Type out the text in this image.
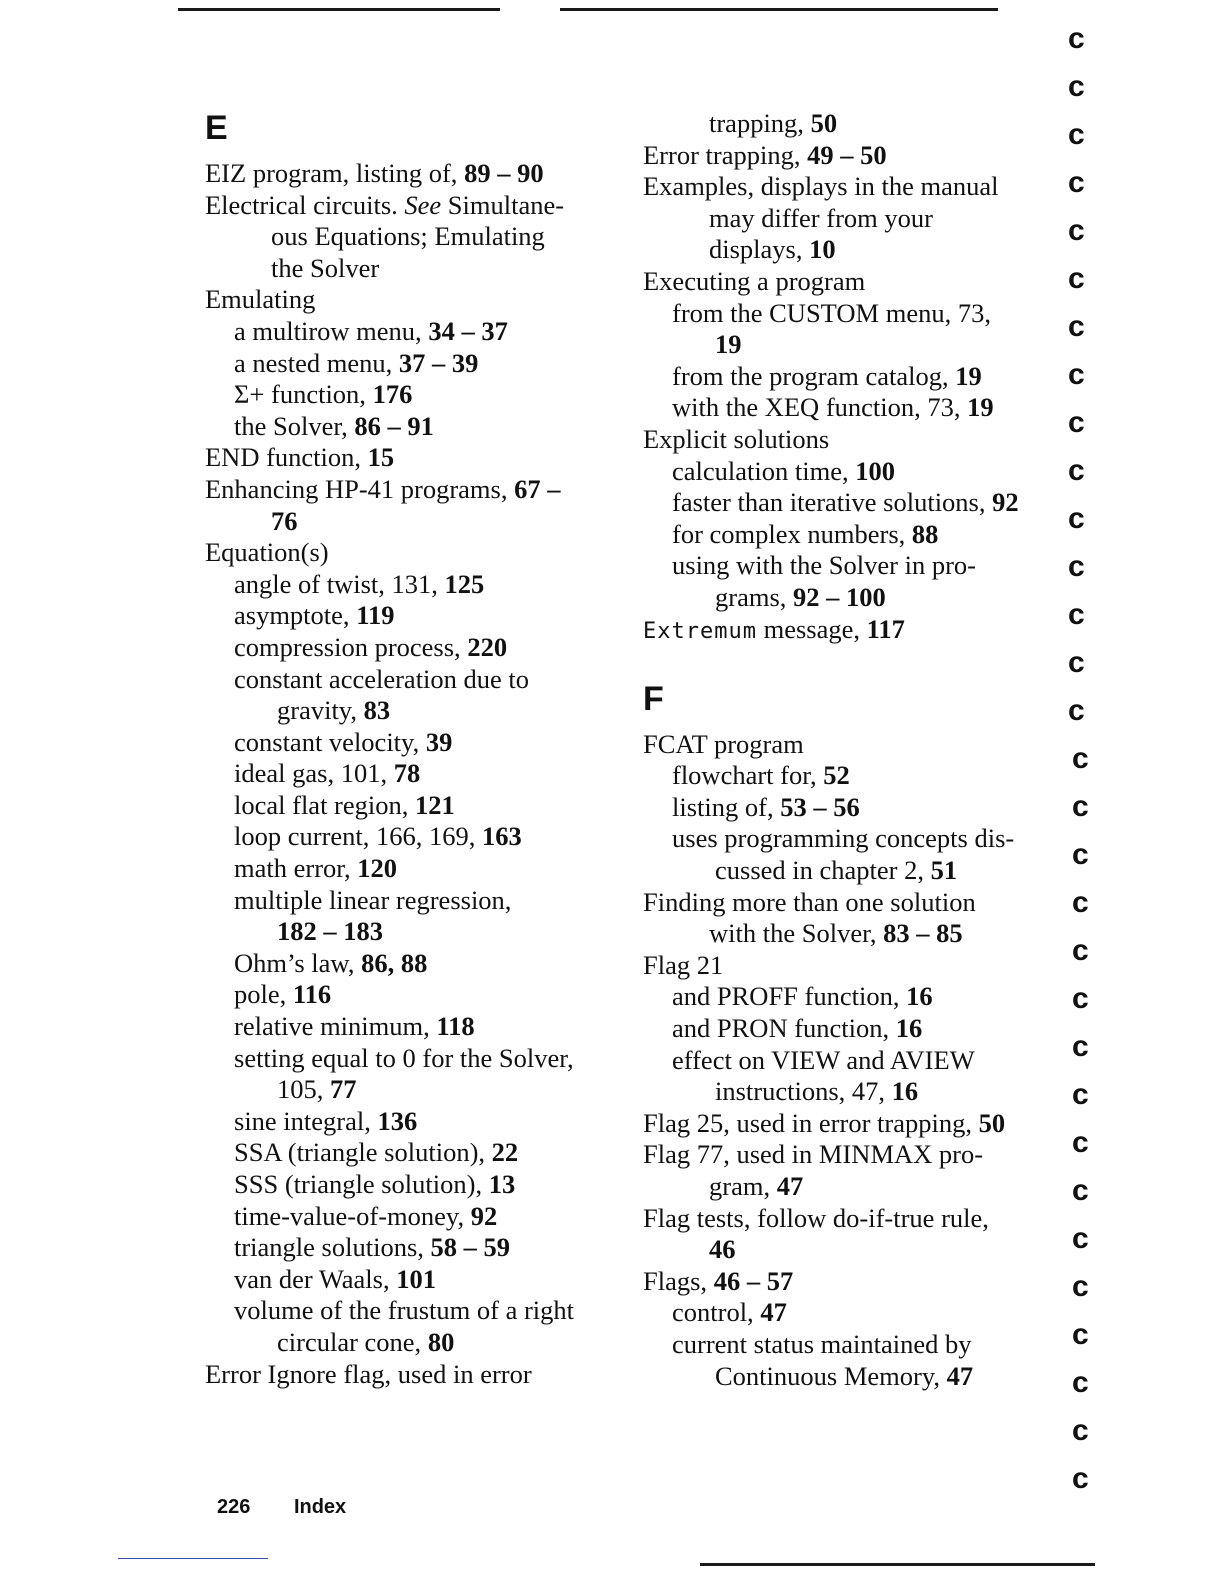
E
EIZ program, listing of, 89 – 90
Electrical circuits. See Simultane-
ous Equations; Emulating
the Solver
Emulating
a multirow menu, 34 – 37
a nested menu, 37 – 39
Σ+ function, 176
the Solver, 86 – 91
END function, 15
Enhancing HP-41 programs, 67 –
76
Equation(s)
angle of twist, 131, 125
asymptote, 119
compression process, 220
constant acceleration due to
gravity, 83
constant velocity, 39
ideal gas, 101, 78
local flat region, 121
loop current, 166, 169, 163
math error, 120
multiple linear regression,
182 – 183
Ohm’s law, 86, 88
pole, 116
relative minimum, 118
setting equal to 0 for the Solver,
105, 77
sine integral, 136
SSA (triangle solution), 22
SSS (triangle solution), 13
time-value-of-money, 92
triangle solutions, 58 – 59
van der Waals, 101
volume of the frustum of a right
circular cone, 80
Error Ignore flag, used in error
trapping, 50
Error trapping, 49 – 50
Examples, displays in the manual
may differ from your
displays, 10
Executing a program
from the CUSTOM menu, 73,
19
from the program catalog, 19
with the XEQ function, 73, 19
Explicit solutions
calculation time, 100
faster than iterative solutions, 92
for complex numbers, 88
using with the Solver in pro-
grams, 92 – 100
Extremum message, 117
F
FCAT program
flowchart for, 52
listing of, 53 – 56
uses programming concepts dis-
cussed in chapter 2, 51
Finding more than one solution
with the Solver, 83 – 85
Flag 21
and PROFF function, 16
and PRON function, 16
effect on VIEW and AVIEW
instructions, 47, 16
Flag 25, used in error trapping, 50
Flag 77, used in MINMAX pro-
gram, 47
Flag tests, follow do-if-true rule,
46
Flags, 46 – 57
control, 47
current status maintained by
Continuous Memory, 47
226 Index
ϲ
ϲ
ϲ
ϲ
ϲ
ϲ
ϲ
ϲ
ϲ
ϲ
ϲ
ϲ
ϲ
ϲ
ϲ
ϲ
ϲ
ϲ
ϲ
ϲ
ϲ
ϲ
ϲ
ϲ
ϲ
ϲ
ϲ
ϲ
ϲ
ϲ
ϲ
